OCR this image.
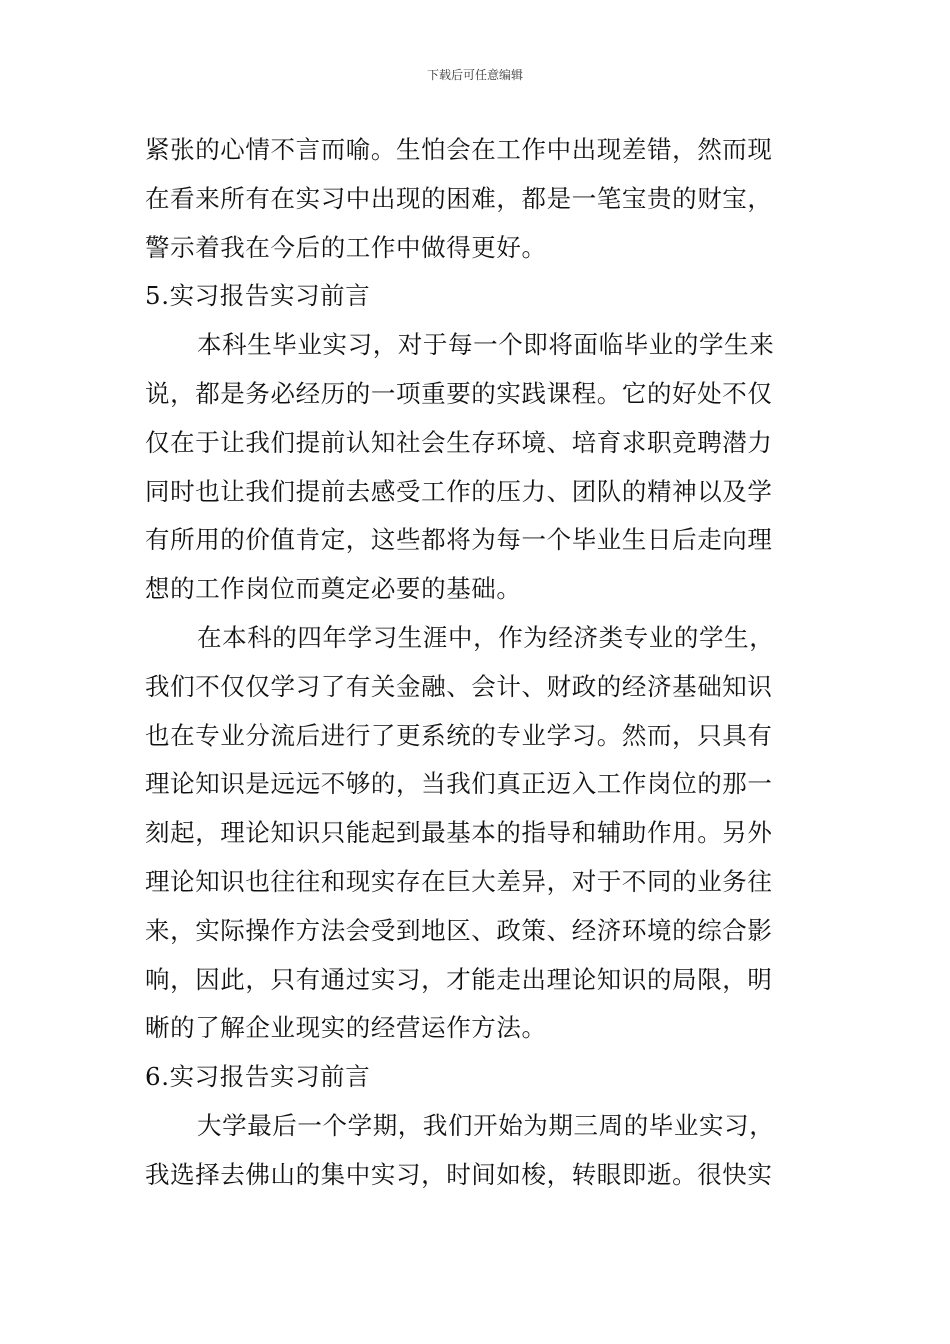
下载后可任意编辑
紧张的心情不言而喻。生怕会在工作中出现差错，然而现
在看来所有在实习中出现的困难，都是一笔宝贵的财宝，
警示着我在今后的工作中做得更好。
5.实习报告实习前言
本科生毕业实习，对于每一个即将面临毕业的学生来
说，都是务必经历的一项重要的实践课程。它的好处不仅
仅在于让我们提前认知社会生存环境、培育求职竞聘潜力
同时也让我们提前去感受工作的压力、团队的精神以及学
有所用的价值肯定，这些都将为每一个毕业生日后走向理
想的工作岗位而奠定必要的基础。
在本科的四年学习生涯中，作为经济类专业的学生，
我们不仅仅学习了有关金融、会计、财政的经济基础知识
也在专业分流后进行了更系统的专业学习。然而，只具有
理论知识是远远不够的，当我们真正迈入工作岗位的那一
刻起，理论知识只能起到最基本的指导和辅助作用。另外
理论知识也往往和现实存在巨大差异，对于不同的业务往
来，实际操作方法会受到地区、政策、经济环境的综合影
响，因此，只有通过实习，才能走出理论知识的局限，明
晰的了解企业现实的经营运作方法。
6.实习报告实习前言
大学最后一个学期，我们开始为期三周的毕业实习，
我选择去佛山的集中实习，时间如梭，转眼即逝。很快实
